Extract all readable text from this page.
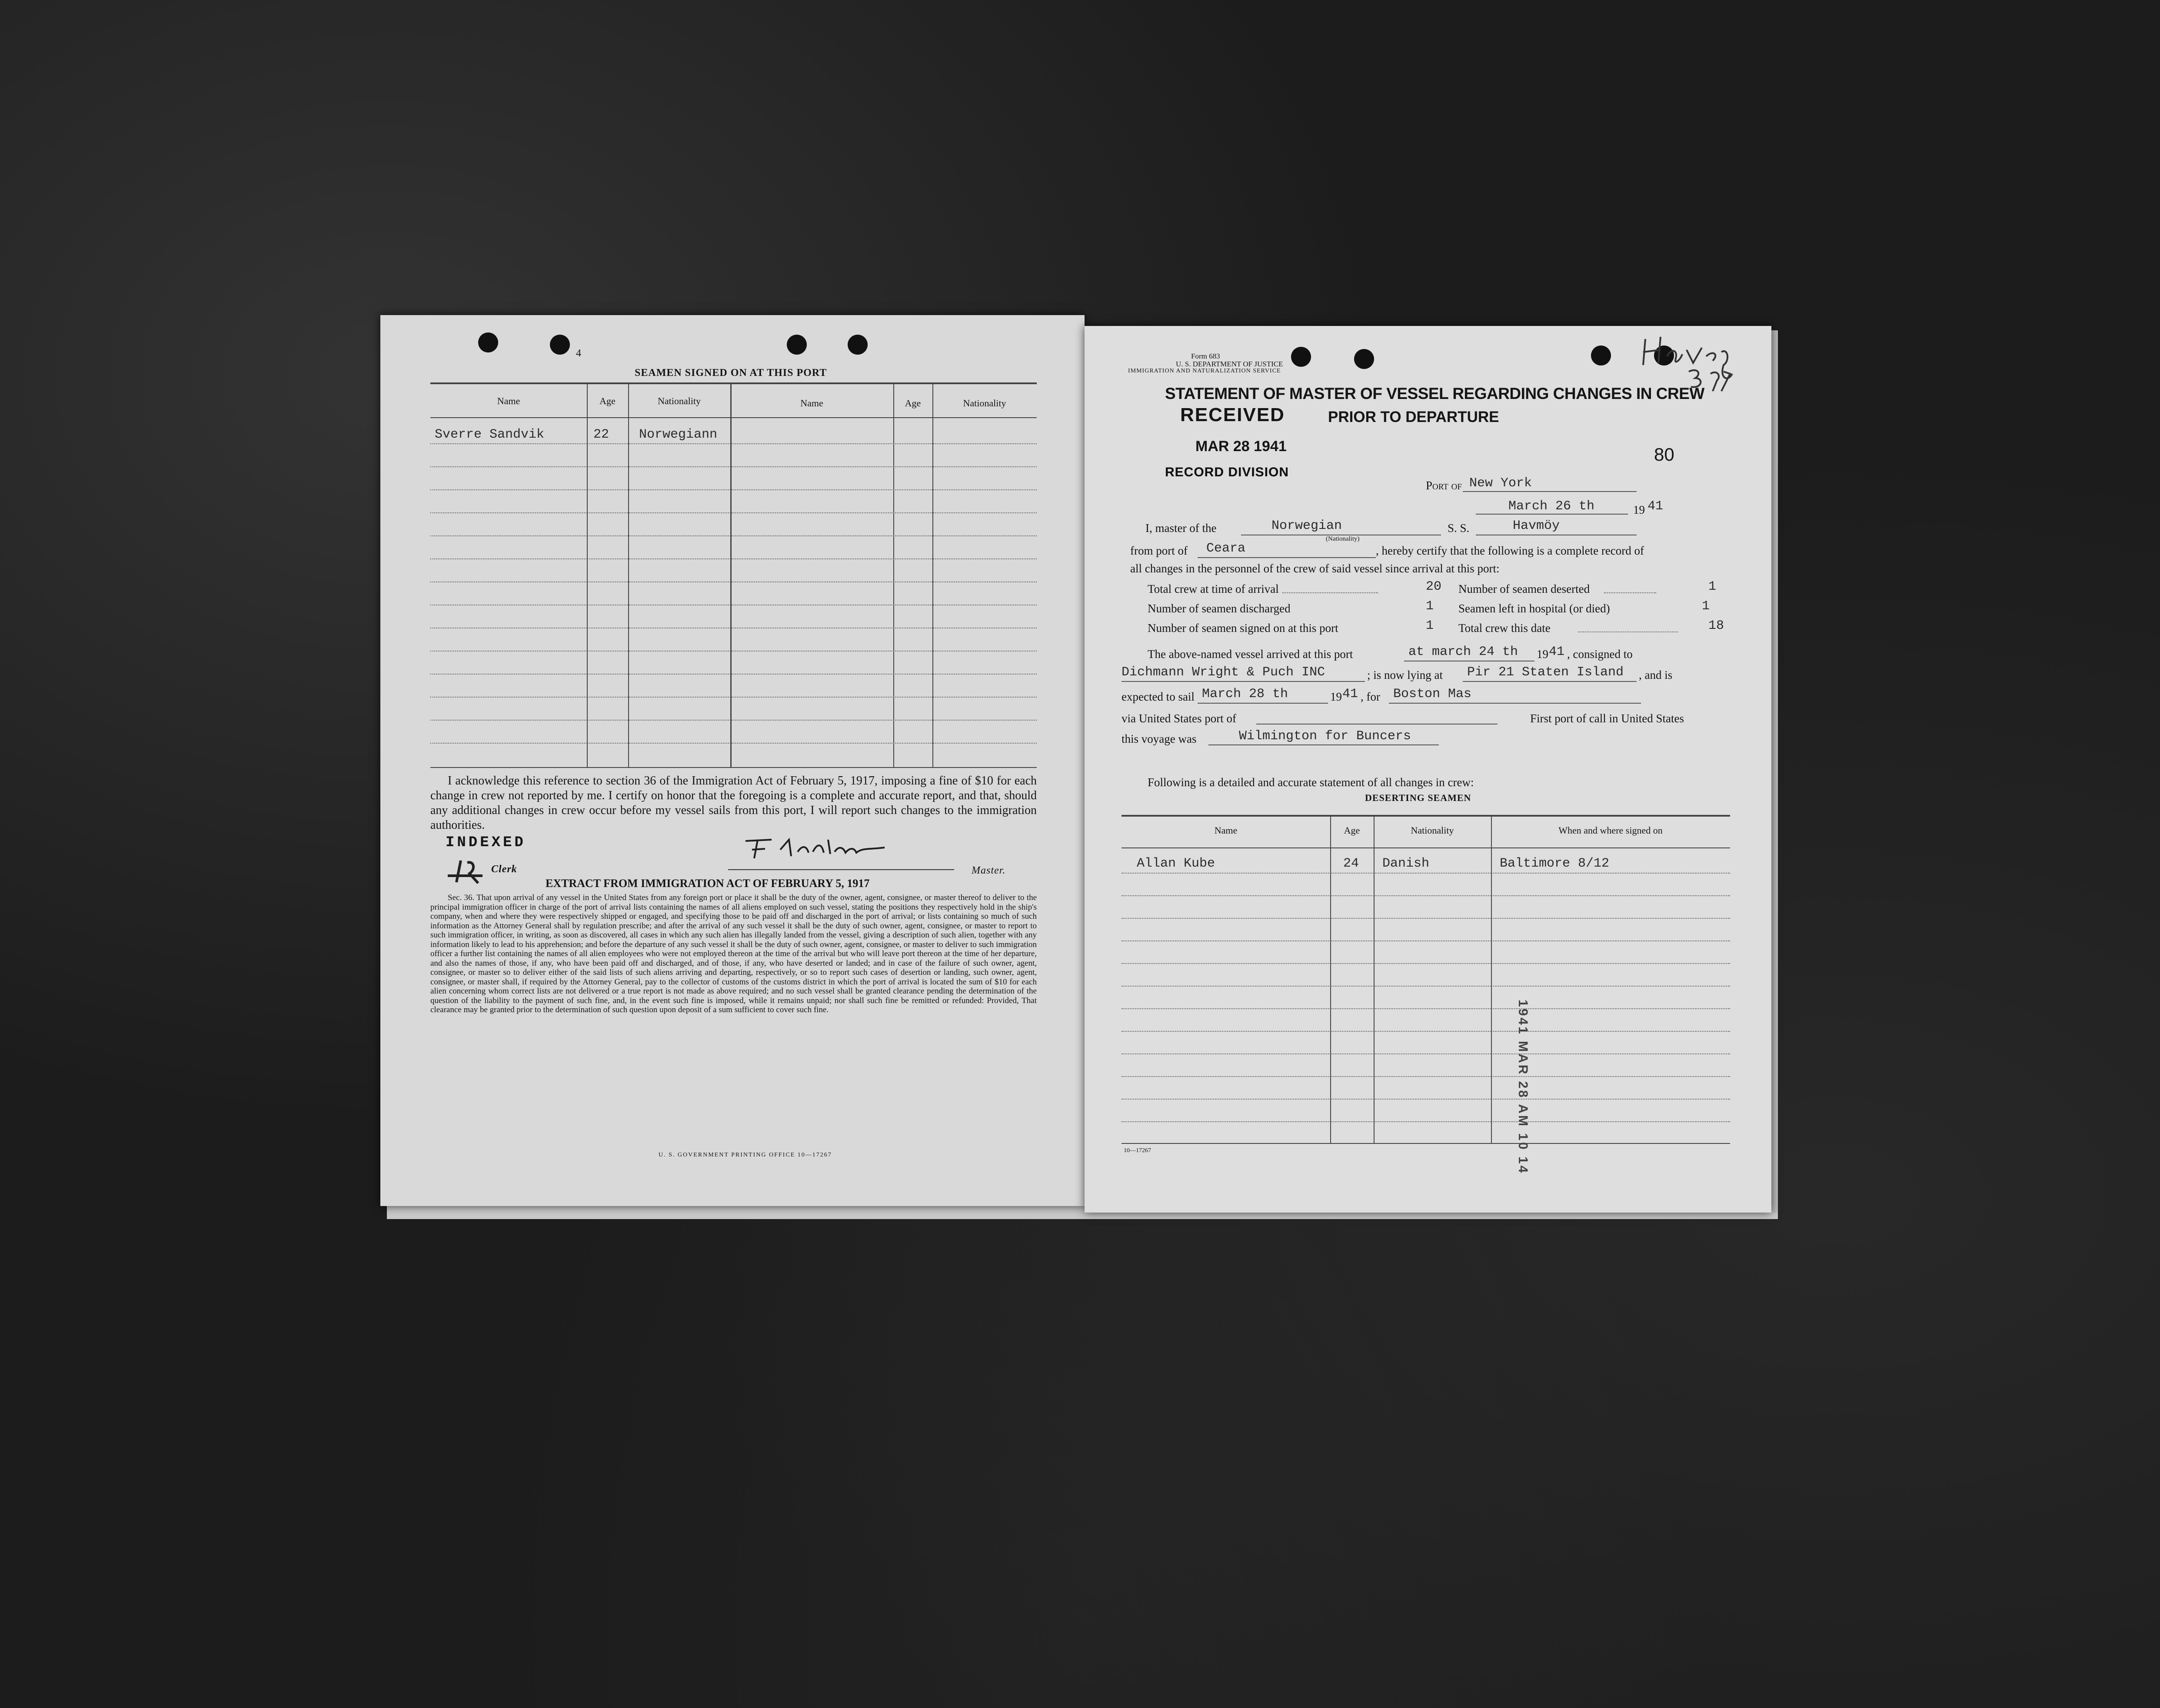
4
SEAMEN SIGNED ON AT THIS PORT
Name	Age	Nationality	Name	Age	Nationality
Sverre Sandvik	22 Norwegiann
I acknowledge this reference to section 36 of the Immigration Act of February 5, 1917, imposing a fine of $10 for each change in crew not reported by me. I certify on honor that the foregoing is a complete and accurate report, and that, should any additional changes in crew occur before my vessel sails from this port, I will report such changes to the immigration authorities.
INDEXED
Clerk	Master.
EXTRACT FROM IMMIGRATION ACT OF FEBRUARY 5, 1917
Sec. 36. That upon arrival of any vessel in the United States from any foreign port or place it shall be the duty of the owner, agent, consignee, or master thereof to deliver to the principal immigration officer in charge of the port of arrival lists containing the names of all aliens employed on such vessel, stating the positions they respectively hold in the ship's company, when and where they were respectively shipped or engaged, and specifying those to be paid off and discharged in the port of arrival; or lists containing so much of such information as the Attorney General shall by regulation prescribe; and after the arrival of any such vessel it shall be the duty of such owner, agent, consignee, or master to report to such immigration officer, in writing, as soon as discovered, all cases in which any such alien has illegally landed from the vessel, giving a description of such alien, together with any information likely to lead to his apprehension; and before the departure of any such vessel it shall be the duty of such owner, agent, consignee, or master to deliver to such immigration officer a further list containing the names of all alien employees who were not employed thereon at the time of the arrival but who will leave port thereon at the time of her departure, and also the names of those, if any, who have been paid off and discharged, and of those, if any, who have deserted or landed; and in case of the failure of such owner, agent, consignee, or master so to deliver either of the said lists of such aliens arriving and departing, respectively, or so to report such cases of desertion or landing, such owner, agent, consignee, or master shall, if required by the Attorney General, pay to the collector of customs of the customs district in which the port of arrival is located the sum of $10 for each alien concerning whom correct lists are not delivered or a true report is not made as above required; and no such vessel shall be granted clearance pending the determination of the question of the liability to the payment of such fine, and, in the event such fine is imposed, while it remains unpaid; nor shall such fine be remitted or refunded: Provided, That clearance may be granted prior to the determination of such question upon deposit of a sum sufficient to cover such fine.
U. S. GOVERNMENT PRINTING OFFICE 10—17267
Form 683
U. S. DEPARTMENT OF JUSTICE
IMMIGRATION AND NATURALIZATION SERVICE
STATEMENT OF MASTER OF VESSEL REGARDING CHANGES IN CREW
RECEIVED	PRIOR TO DEPARTURE
MAR 28 1941
RECORD DIVISION
80
Port of New York
March 26 th	19 41
I, master of the	Norwegian
(Nationality)
S. S.	Havmöy
from port of Ceara	, hereby certify that the following is a complete record of
all changes in the personnel of the crew of said vessel since arrival at this port:
Total crew at time of arrival	20 Number of seamen deserted	1
Number of seamen discharged	1 Seamen left in hospital (or died)	1
Number of seamen signed on at this port	1 Total crew this date	18
The above-named vessel arrived at this port	at march 24 th 19 41 , consigned to
Dichmann Wright & Puch INC	; is now lying at Pir 21 Staten Island , and is
expected to sail March 28 th	19 41 , for Boston Mas
via United States port of	First port of call in United States
this voyage was	Wilmington for Buncers
Following is a detailed and accurate statement of all changes in crew:
DESERTING SEAMEN
Name	Age	Nationality	When and where signed on
Allan Kube	24 Danish	Baltimore 8/12
1941 MAR 28 AM 10 14
10—17267
